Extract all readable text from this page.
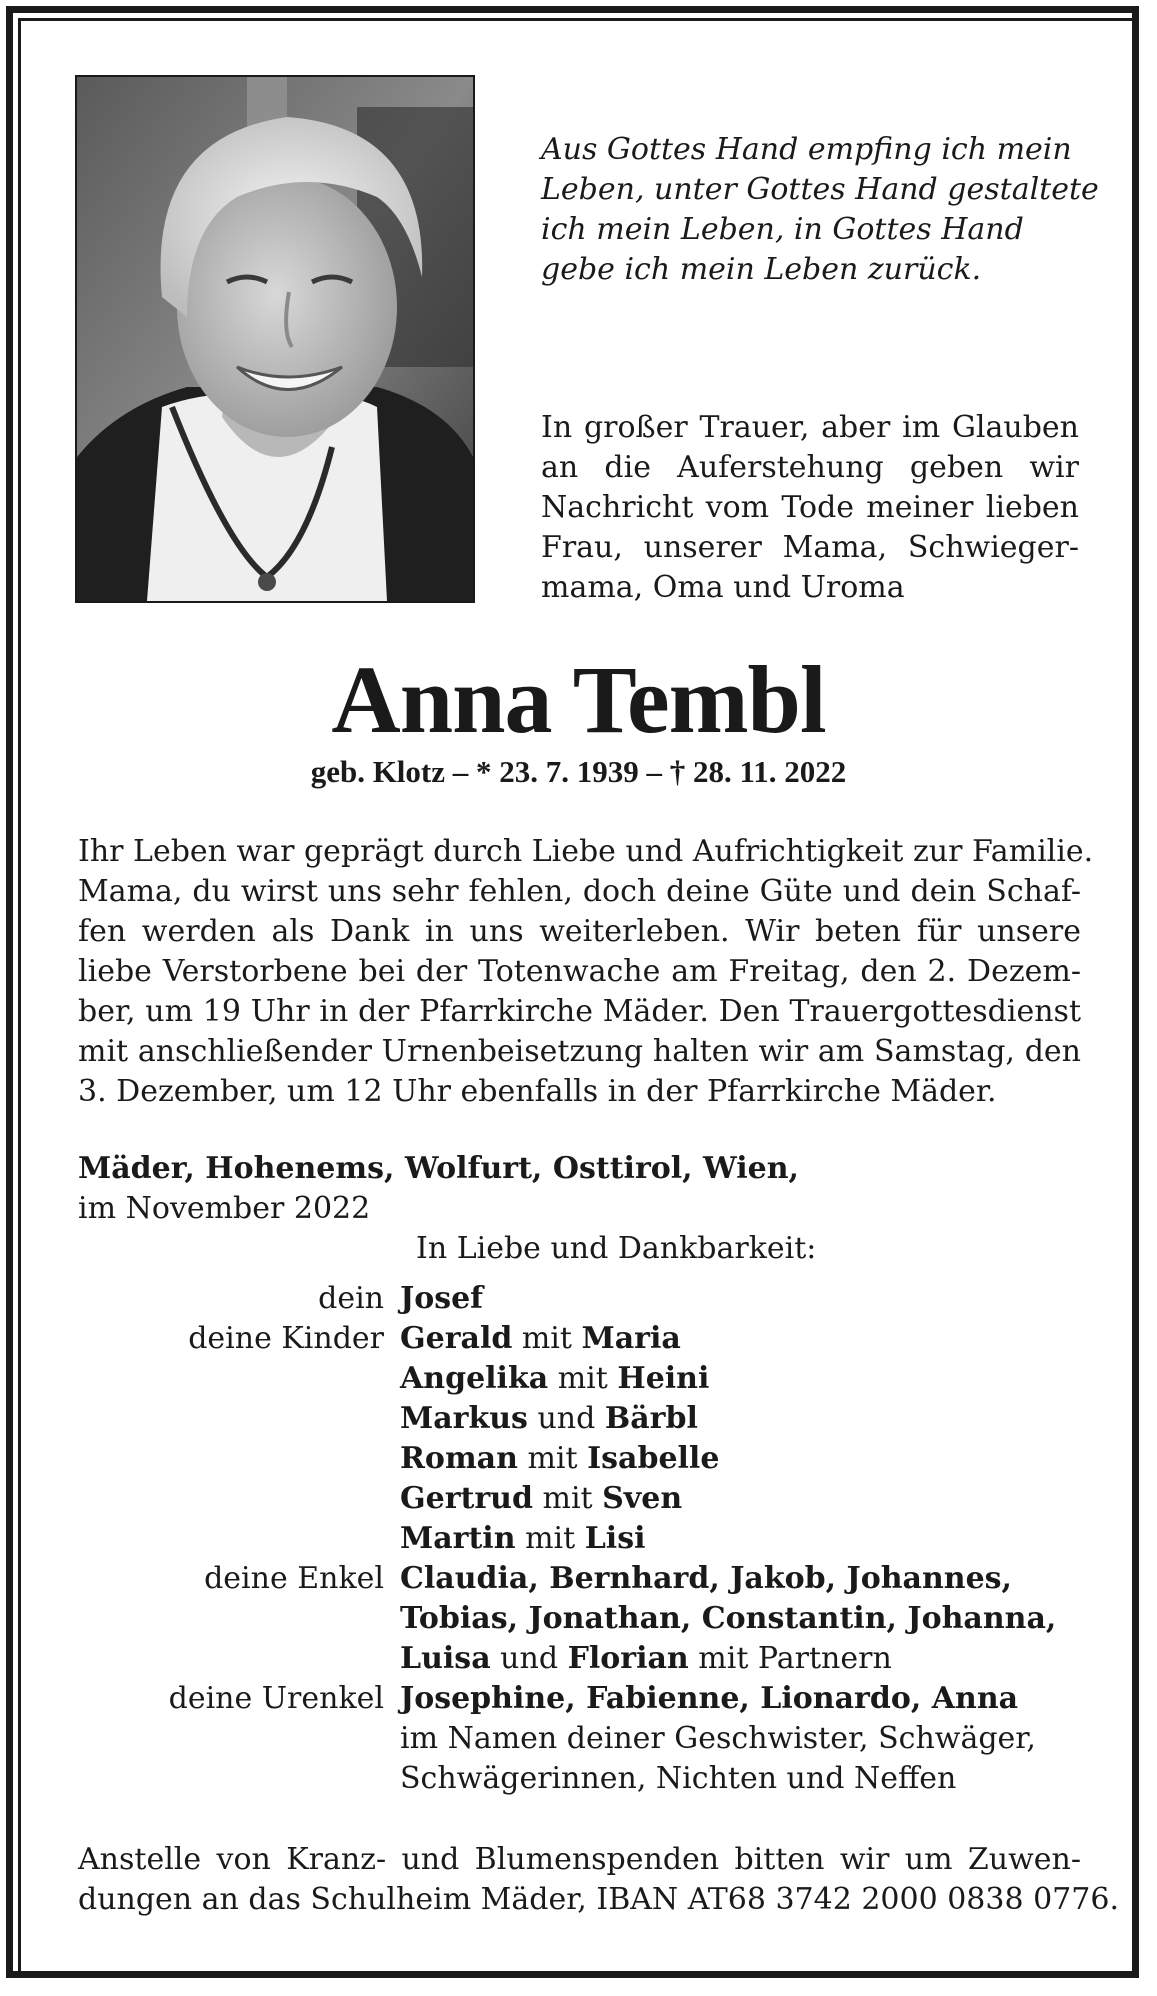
Aus Gottes Hand empfing ich mein
Leben, unter Gottes Hand gestaltete
ich mein Leben, in Gottes Hand
gebe ich mein Leben zurück.
In großer Trauer, aber im Glauben
an die Auferstehung geben wir
Nachricht vom Tode meiner lieben
Frau, unserer Mama, Schwieger-
mama, Oma und Uroma
Anna Tembl
geb. Klotz – * 23. 7. 1939 – † 28. 11. 2022
Ihr Leben war geprägt durch Liebe und Aufrichtigkeit zur Familie.
Mama, du wirst uns sehr fehlen, doch deine Güte und dein Schaf-
fen werden als Dank in uns weiterleben. Wir beten für unsere
liebe Verstorbene bei der Totenwache am Freitag, den 2. Dezem-
ber, um 19 Uhr in der Pfarrkirche Mäder. Den Trauergottesdienst
mit anschließender Urnenbeisetzung halten wir am Samstag, den
3. Dezember, um 12 Uhr ebenfalls in der Pfarrkirche Mäder.
Mäder, Hohenems, Wolfurt, Osttirol, Wien,
im November 2022
In Liebe und Dankbarkeit:
dein Josef
deine Kinder Gerald mit Maria
Angelika mit Heini
Markus und Bärbl
Roman mit Isabelle
Gertrud mit Sven
Martin mit Lisi
deine Enkel Claudia, Bernhard, Jakob, Johannes,
Tobias, Jonathan, Constantin, Johanna,
Luisa und Florian mit Partnern
deine Urenkel Josephine, Fabienne, Lionardo, Anna
im Namen deiner Geschwister, Schwäger,
Schwägerinnen, Nichten und Neffen
Anstelle von Kranz- und Blumenspenden bitten wir um Zuwen-
dungen an das Schulheim Mäder, IBAN AT68 3742 2000 0838 0776.
